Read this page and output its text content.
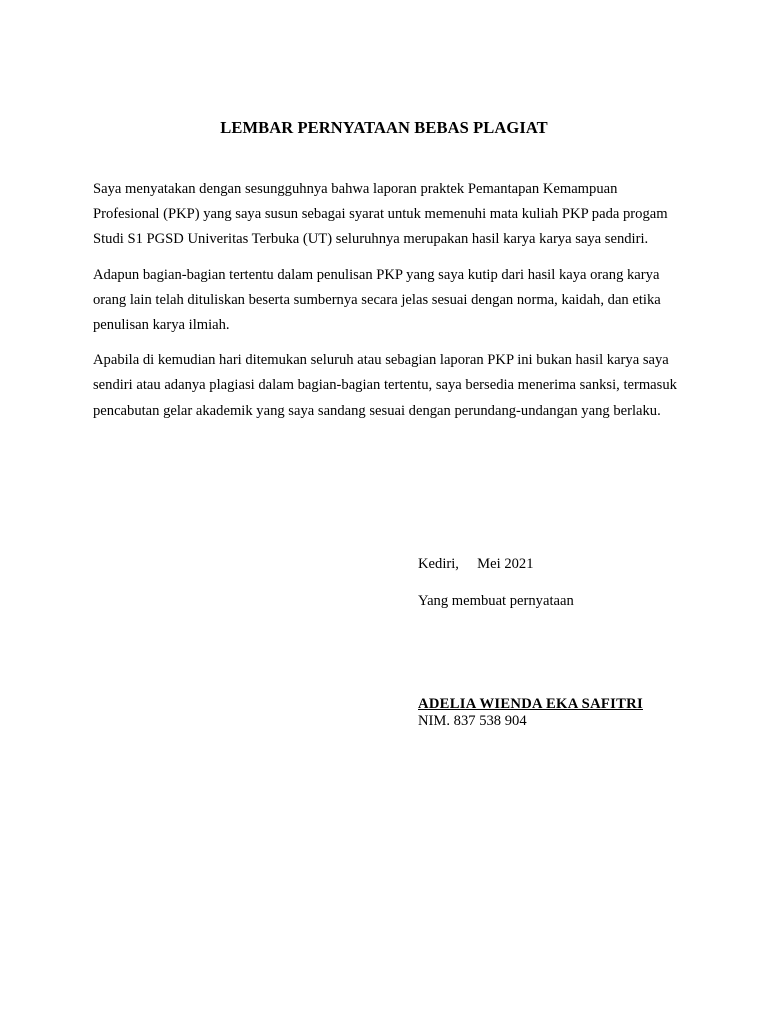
LEMBAR PERNYATAAN BEBAS PLAGIAT

Saya menyatakan dengan sesungguhnya bahwa laporan praktek Pemantapan Kemampuan Profesional (PKP) yang saya susun sebagai syarat untuk memenuhi mata kuliah PKP pada progam Studi S1 PGSD Univeritas Terbuka (UT) seluruhnya merupakan hasil karya karya saya sendiri.

Adapun bagian-bagian tertentu dalam penulisan PKP yang saya kutip dari hasil kaya orang karya orang lain telah dituliskan beserta sumbernya secara jelas sesuai dengan norma, kaidah, dan etika penulisan karya ilmiah.

Apabila di kemudian hari ditemukan seluruh atau sebagian laporan PKP ini bukan hasil karya saya sendiri atau adanya plagiasi dalam bagian-bagian tertentu, saya bersedia menerima sanksi, termasuk pencabutan gelar akademik yang saya sandang sesuai dengan perundang-undangan yang berlaku.

Kediri,     Mei 2021
Yang membuat pernyataan
ADELIA WIENDA EKA SAFITRI
NIM. 837 538 904
